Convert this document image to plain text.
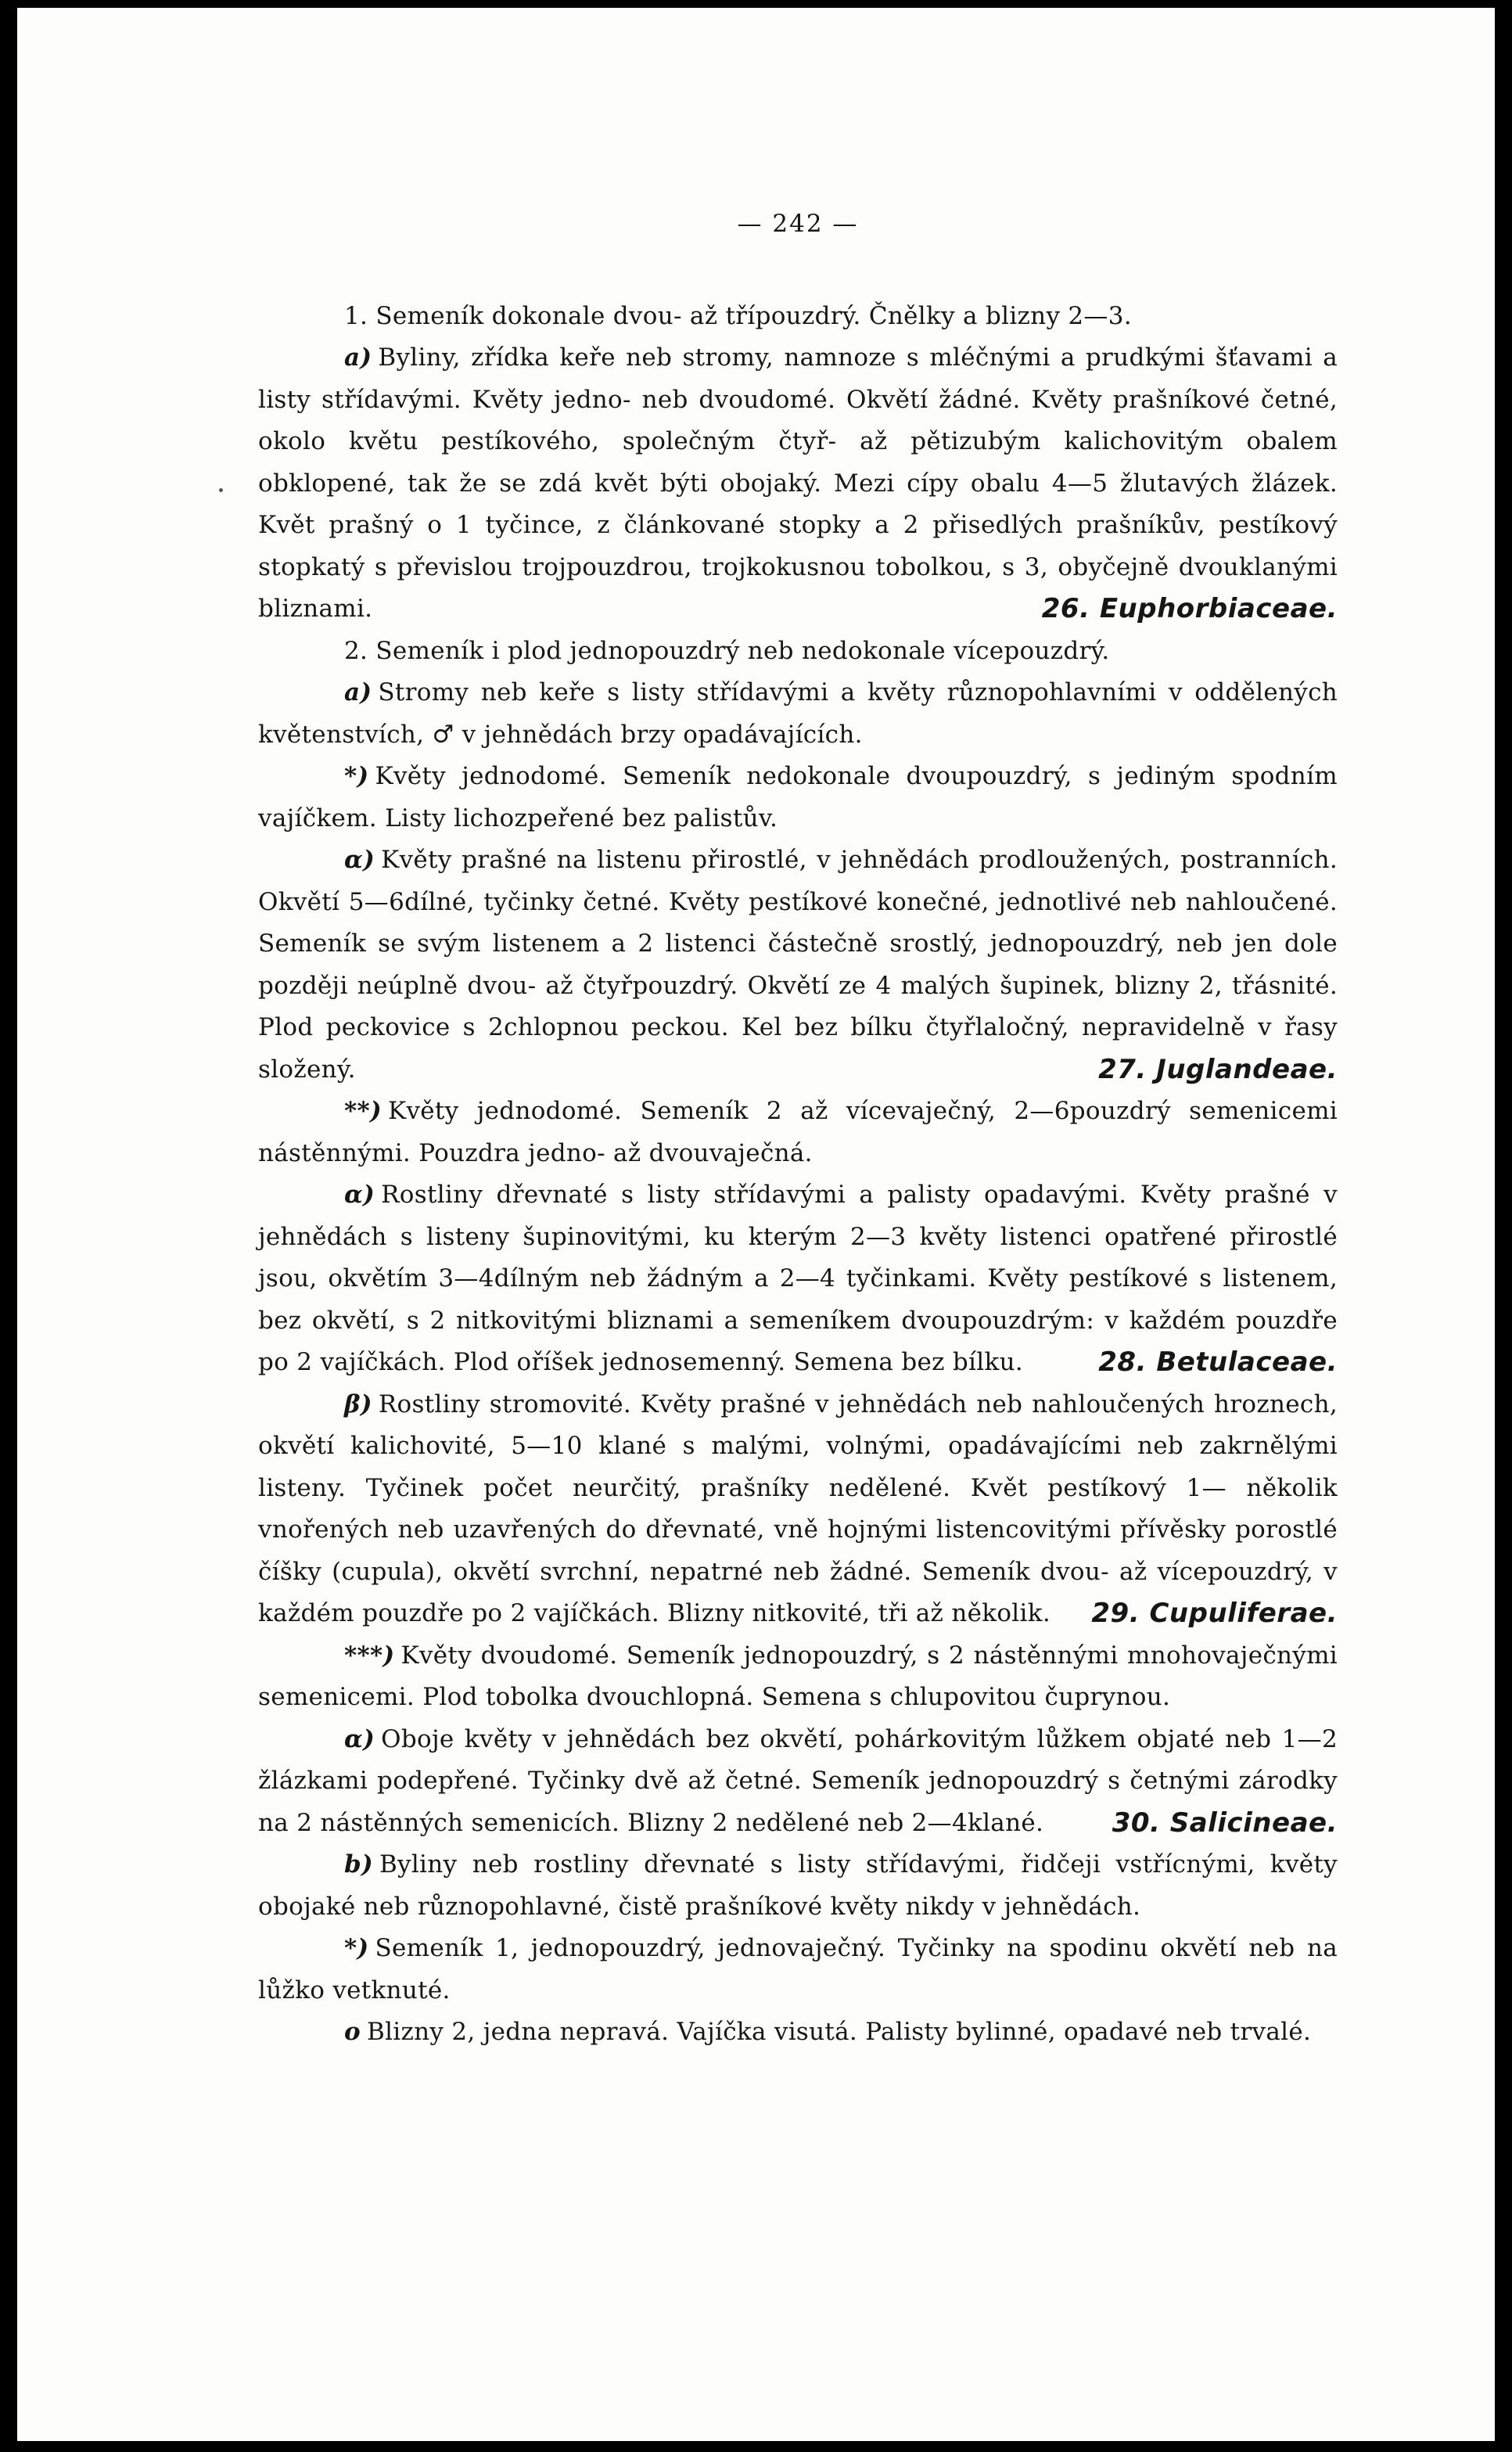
— 242 —

1. Semeník dokonale dvou- až třípouzdrý. Čnělky a blizny 2—3.

a) Byliny, zřídka keře neb stromy, namnoze s mléčnými a prudkými šťavami a listy střídavými. Květy jedno- neb dvoudomé. Okvětí žádné. Květy prašníkové četné, okolo květu pestíkového, společným čtyř- až pětizubým kalichovitým obalem obklopené, tak že se zdá květ býti obojaký. Mezi cípy obalu 4—5 žlutavých žlázek. Květ prašný o 1 tyčince, z článkované stopky a 2 přisedlých prašníkův, pestíkový stopkatý s převislou trojpouzdrou, trojkokusnou tobolkou, s 3, obyčejně dvouklanými bliznami.	26. Euphorbiaceae.

2. Semeník i plod jednopouzdrý neb nedokonale vícepouzdrý.

a) Stromy neb keře s listy střídavými a květy různopohlavními v oddělených květenstvích, ♂ v jehnědách brzy opadávajících.

*) Květy jednodomé. Semeník nedokonale dvoupouzdrý, s jediným spodním vajíčkem. Listy lichozpeřené bez palistův.

α) Květy prašné na listenu přirostlé, v jehnědách prodloužených, postranních. Okvětí 5—6dílné, tyčinky četné. Květy pestíkové konečné, jednotlivé neb nahloučené. Semeník se svým listenem a 2 listenci částečně srostlý, jednopouzdrý, neb jen dole později neúplně dvou- až čtyřpouzdrý. Okvětí ze 4 malých šupinek, blizny 2, třásnité. Plod peckovice s 2chlopnou peckou. Kel bez bílku čtyřlaločný, nepravidelně v řasy složený.	27. Juglandeae.

**) Květy jednodomé. Semeník 2 až vícevaječný, 2—6pouzdrý semenicemi nástěnnými. Pouzdra jedno- až dvouvaječná.

α) Rostliny dřevnaté s listy střídavými a palisty opadavými. Květy prašné v jehnědách s listeny šupinovitými, ku kterým 2—3 květy listenci opatřené přirostlé jsou, okvětím 3—4dílným neb žádným a 2—4 tyčinkami. Květy pestíkové s listenem, bez okvětí, s 2 nitkovitými bliznami a semeníkem dvoupouzdrým: v každém pouzdře po 2 vajíčkách. Plod oříšek jednosemenný. Semena bez bílku.	28. Betulaceae.

β) Rostliny stromovité. Květy prašné v jehnědách neb nahloučených hroznech, okvětí kalichovité, 5—10 klané s malými, volnými, opadávajícími neb zakrnělými listeny. Tyčinek počet neurčitý, prašníky nedělené. Květ pestíkový 1— několik vnořených neb uzavřených do dřevnaté, vně hojnými listencovitými přívěsky porostlé číšky (cupula), okvětí svrchní, nepatrné neb žádné. Semeník dvou- až vícepouzdrý, v každém pouzdře po 2 vajíčkách. Blizny nitkovité, tři až několik. 29. Cupuliferae.

***) Květy dvoudomé. Semeník jednopouzdrý, s 2 nástěnnými mnohovaječnými semenicemi. Plod tobolka dvouchlopná. Semena s chlupovitou čuprynou.

α) Oboje květy v jehnědách bez okvětí, pohárkovitým lůžkem objaté neb 1—2 žlázkami podepřené. Tyčinky dvě až četné. Semeník jednopouzdrý s četnými zárodky na 2 nástěnných semenicích. Blizny 2 nedělené neb 2—4klané.	30. Salicineae.

b) Byliny neb rostliny dřevnaté s listy střídavými, řidčeji vstřícnými, květy obojaké neb různopohlavné, čistě prašníkové květy nikdy v jehnědách.

*) Semeník 1, jednopouzdrý, jednovaječný. Tyčinky na spodinu okvětí neb na lůžko vetknuté.

o Blizny 2, jedna nepravá. Vajíčka visutá. Palisty bylinné, opadavé neb trvalé.
